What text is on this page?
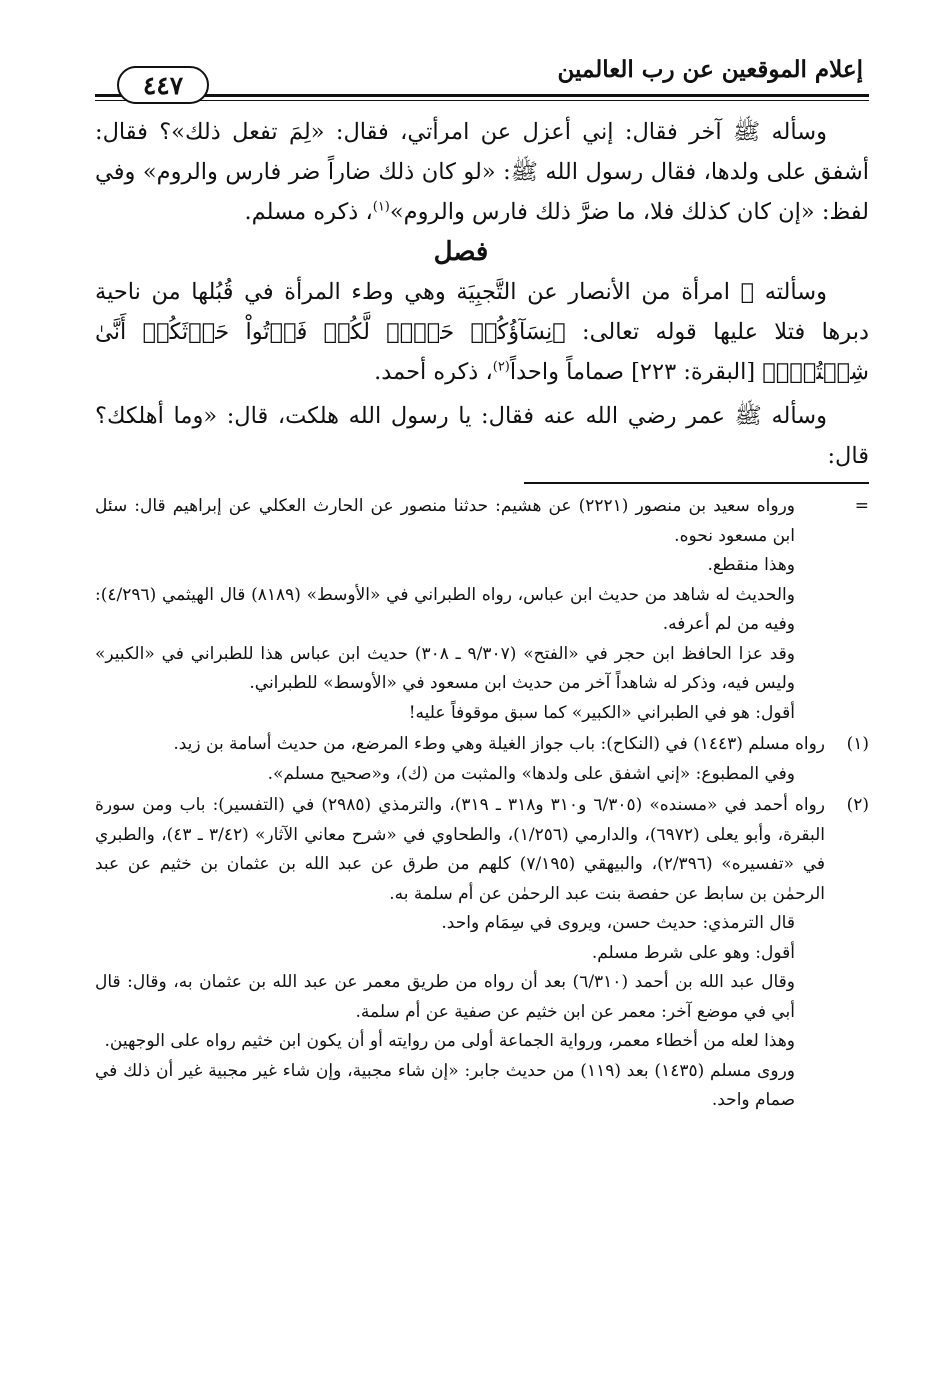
إعلام الموقعين عن رب العالمين
٤٤٧

وسأله ﷺ آخر فقال: إني أعزل عن امرأتي، فقال: «لِمَ تفعل ذلك»؟ فقال: أشفق على ولدها، فقال رسول الله ﷺ: «لو كان ذلك ضاراً ضر فارس والروم» وفي لفظ: «إن كان كذلك فلا، ما ضرَّ ذلك فارس والروم»$^{(١)}$، ذكره مسلم.

فصل

وسألته ﷺ امرأة من الأنصار عن التَّجبِيَة وهي وطء المرأة في قُبُلها من ناحية دبرها فتلا عليها قوله تعالى: ﴿نِسَآؤُكُمۡ حَرۡثٞ لَّكُمۡ فَأۡتُواْ حَرۡثَكُمۡ أَنَّىٰ شِئۡتُمۡۖ﴾ [البقرة: ٢٢٣] صماماً واحداً$^{(٢)}$، ذكره أحمد.

وسأله ﷺ عمر رضي الله عنه فقال: يا رسول الله هلكت، قال: «وما أهلكك؟ قال:

=

ورواه سعيد بن منصور (٢٢٢١) عن هشيم: حدثنا منصور عن الحارث العكلي عن إبراهيم قال: سئل ابن مسعود نحوه.

وهذا منقطع.

والحديث له شاهد من حديث ابن عباس، رواه الطبراني في «الأوسط» (٨١٨٩) قال الهيثمي (٤/٢٩٦): وفيه من لم أعرفه.

وقد عزا الحافظ ابن حجر في «الفتح» (٩/٣٠٧ ـ ٣٠٨) حديث ابن عباس هذا للطبراني في «الكبير» وليس فيه، وذكر له شاهداً آخر من حديث ابن مسعود في «الأوسط» للطبراني.

أقول: هو في الطبراني «الكبير» كما سبق موقوفاً عليه!

(١)

رواه مسلم (١٤٤٣) في (النكاح): باب جواز الغيلة وهي وطء المرضع، من حديث أسامة بن زيد.

وفي المطبوع: «إني اشفق على ولدها» والمثبت من (ك)، و«صحيح مسلم».

(٢)

رواه أحمد في «مسنده» (٦/٣٠٥ و٣١٠ و٣١٨ ـ ٣١٩)، والترمذي (٢٩٨٥) في (التفسير): باب ومن سورة البقرة، وأبو يعلى (٦٩٧٢)، والدارمي (١/٢٥٦)، والطحاوي في «شرح معاني الآثار» (٣/٤٢ ـ ٤٣)، والطبري في «تفسيره» (٢/٣٩٦)، والبيهقي (٧/١٩٥) كلهم من طرق عن عبد الله بن عثمان بن خثيم عن عبد الرحمٰن بن سابط عن حفصة بنت عبد الرحمٰن عن أم سلمة به.

قال الترمذي: حديث حسن، ويروى في سِمَام واحد.

أقول: وهو على شرط مسلم.

وقال عبد الله بن أحمد (٦/٣١٠) بعد أن رواه من طريق معمر عن عبد الله بن عثمان به، وقال: قال أبي في موضع آخر: معمر عن ابن خثيم عن صفية عن أم سلمة.

وهذا لعله من أخطاء معمر، ورواية الجماعة أولى من روايته أو أن يكون ابن خثيم رواه على الوجهين.

وروى مسلم (١٤٣٥) بعد (١١٩) من حديث جابر: «إن شاء مجبية، وإن شاء غير مجبية غير أن ذلك في صمام واحد.
